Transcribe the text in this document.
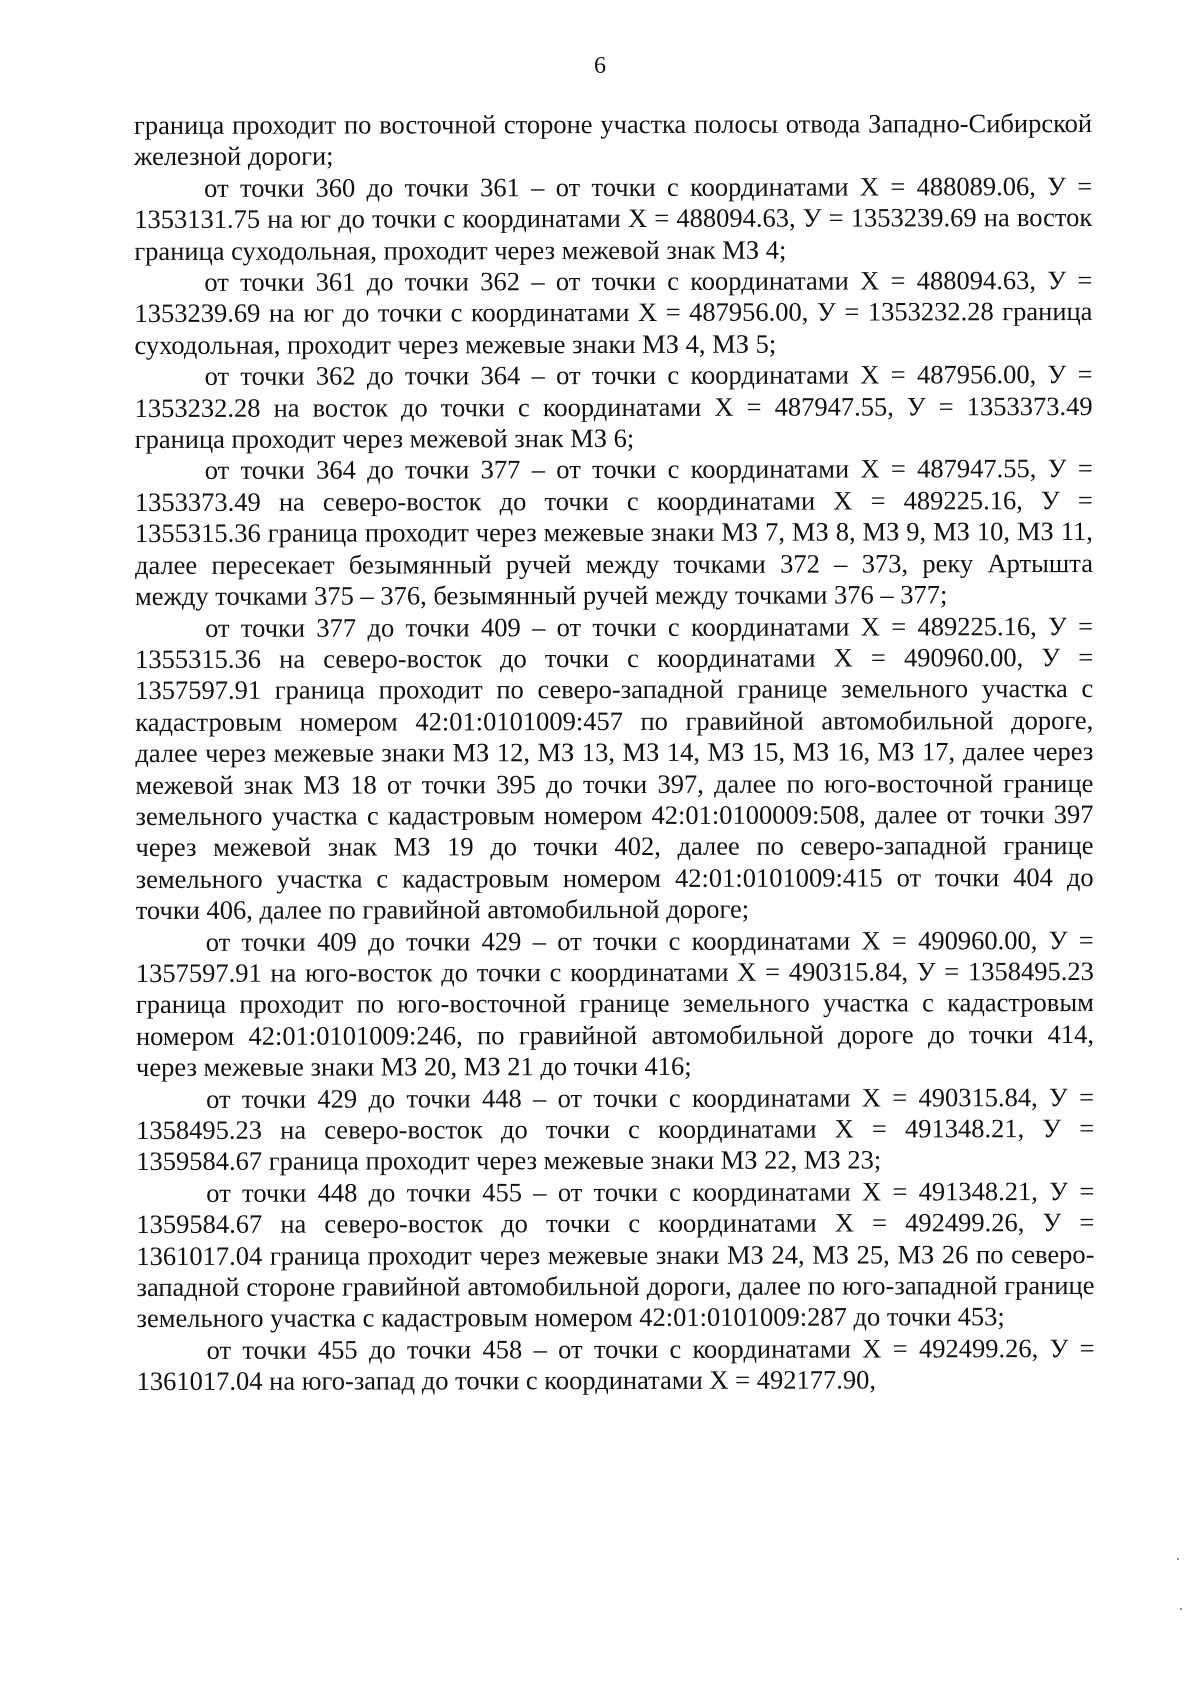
6

граница проходит по восточной стороне участка полосы отвода Западно-Сибирской железной дороги;

от точки 360 до точки 361 – от точки с координатами Х = 488089.06, У = 1353131.75 на юг до точки с координатами Х = 488094.63, У = 1353239.69 на восток граница суходольная, проходит через межевой знак МЗ 4;

от точки 361 до точки 362 – от точки с координатами Х = 488094.63, У = 1353239.69 на юг до точки с координатами Х = 487956.00, У = 1353232.28 граница суходольная, проходит через межевые знаки МЗ 4, МЗ 5;

от точки 362 до точки 364 – от точки с координатами Х = 487956.00, У = 1353232.28 на восток до точки с координатами Х = 487947.55, У = 1353373.49 граница проходит через межевой знак МЗ 6;

от точки 364 до точки 377 – от точки с координатами Х = 487947.55, У = 1353373.49 на северо-восток до точки с координатами Х = 489225.16, У = 1355315.36 граница проходит через межевые знаки МЗ 7, МЗ 8, МЗ 9, МЗ 10, МЗ 11, далее пересекает безымянный ручей между точками 372 – 373, реку Артышта между точками 375 – 376, безымянный ручей между точками 376 – 377;

от точки 377 до точки 409 – от точки с координатами Х = 489225.16, У = 1355315.36 на северо-восток до точки с координатами Х = 490960.00, У = 1357597.91 граница проходит по северо-западной границе земельного участка с кадастровым номером 42:01:0101009:457 по гравийной автомобильной дороге, далее через межевые знаки МЗ 12, МЗ 13, МЗ 14, МЗ 15, МЗ 16, МЗ 17, далее через межевой знак МЗ 18 от точки 395 до точки 397, далее по юго-восточной границе земельного участка с кадастровым номером 42:01:0100009:508, далее от точки 397 через межевой знак МЗ 19 до точки 402, далее по северо-западной границе земельного участка с кадастровым номером 42:01:0101009:415 от точки 404 до точки 406, далее по гравийной автомобильной дороге;

от точки 409 до точки 429 – от точки с координатами Х = 490960.00, У = 1357597.91 на юго-восток до точки с координатами Х = 490315.84, У = 1358495.23 граница проходит по юго-восточной границе земельного участка с кадастровым номером 42:01:0101009:246, по гравийной автомобильной дороге до точки 414, через межевые знаки МЗ 20, МЗ 21 до точки 416;

от точки 429 до точки 448 – от точки с координатами Х = 490315.84, У = 1358495.23 на северо-восток до точки с координатами Х = 491348.21, У = 1359584.67 граница проходит через межевые знаки МЗ 22, МЗ 23;

от точки 448 до точки 455 – от точки с координатами Х = 491348.21, У = 1359584.67 на северо-восток до точки с координатами Х = 492499.26, У = 1361017.04 граница проходит через межевые знаки МЗ 24, МЗ 25, МЗ 26 по северо-западной стороне гравийной автомобильной дороги, далее по юго-западной границе земельного участка с кадастровым номером 42:01:0101009:287 до точки 453;

от точки 455 до точки 458 – от точки с координатами Х = 492499.26, У = 1361017.04 на юго-запад до точки с координатами Х = 492177.90,
